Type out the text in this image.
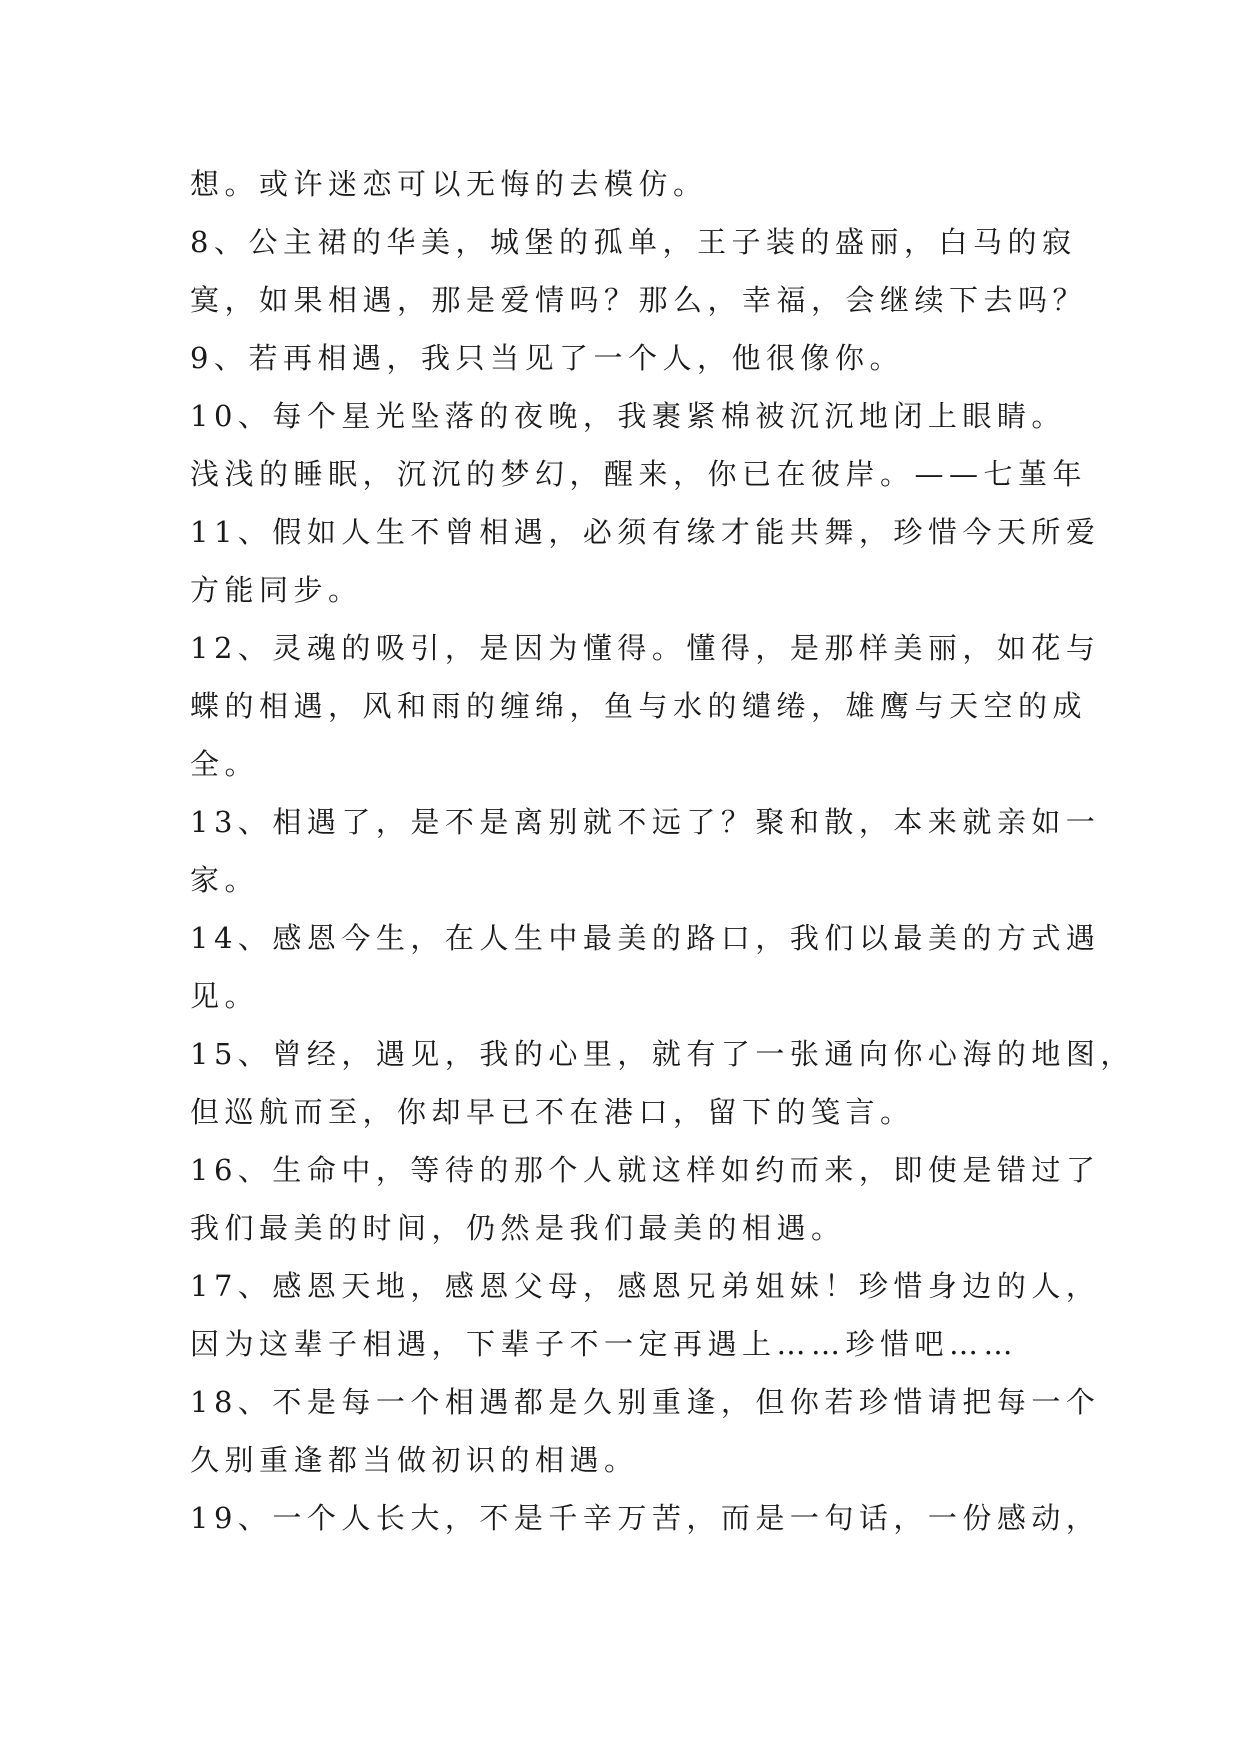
想。或许迷恋可以无悔的去模仿。
8、公主裙的华美，城堡的孤单，王子装的盛丽，白马的寂
寞，如果相遇，那是爱情吗？那么，幸福，会继续下去吗？
9、若再相遇，我只当见了一个人，他很像你。
10、每个星光坠落的夜晚，我裹紧棉被沉沉地闭上眼睛。
浅浅的睡眠，沉沉的梦幻，醒来，你已在彼岸。——七堇年
11、假如人生不曾相遇，必须有缘才能共舞，珍惜今天所爱
方能同步。
12、灵魂的吸引，是因为懂得。懂得，是那样美丽，如花与
蝶的相遇，风和雨的缠绵，鱼与水的缱绻，雄鹰与天空的成
全。
13、相遇了，是不是离别就不远了？聚和散，本来就亲如一
家。
14、感恩今生，在人生中最美的路口，我们以最美的方式遇
见。
15、曾经，遇见，我的心里，就有了一张通向你心海的地图，
但巡航而至，你却早已不在港口，留下的笺言。
16、生命中，等待的那个人就这样如约而来，即使是错过了
我们最美的时间，仍然是我们最美的相遇。
17、感恩天地，感恩父母，感恩兄弟姐妹！珍惜身边的人，
因为这辈子相遇，下辈子不一定再遇上……珍惜吧……
18、不是每一个相遇都是久别重逢，但你若珍惜请把每一个
久别重逢都当做初识的相遇。
19、一个人长大，不是千辛万苦，而是一句话，一份感动，
